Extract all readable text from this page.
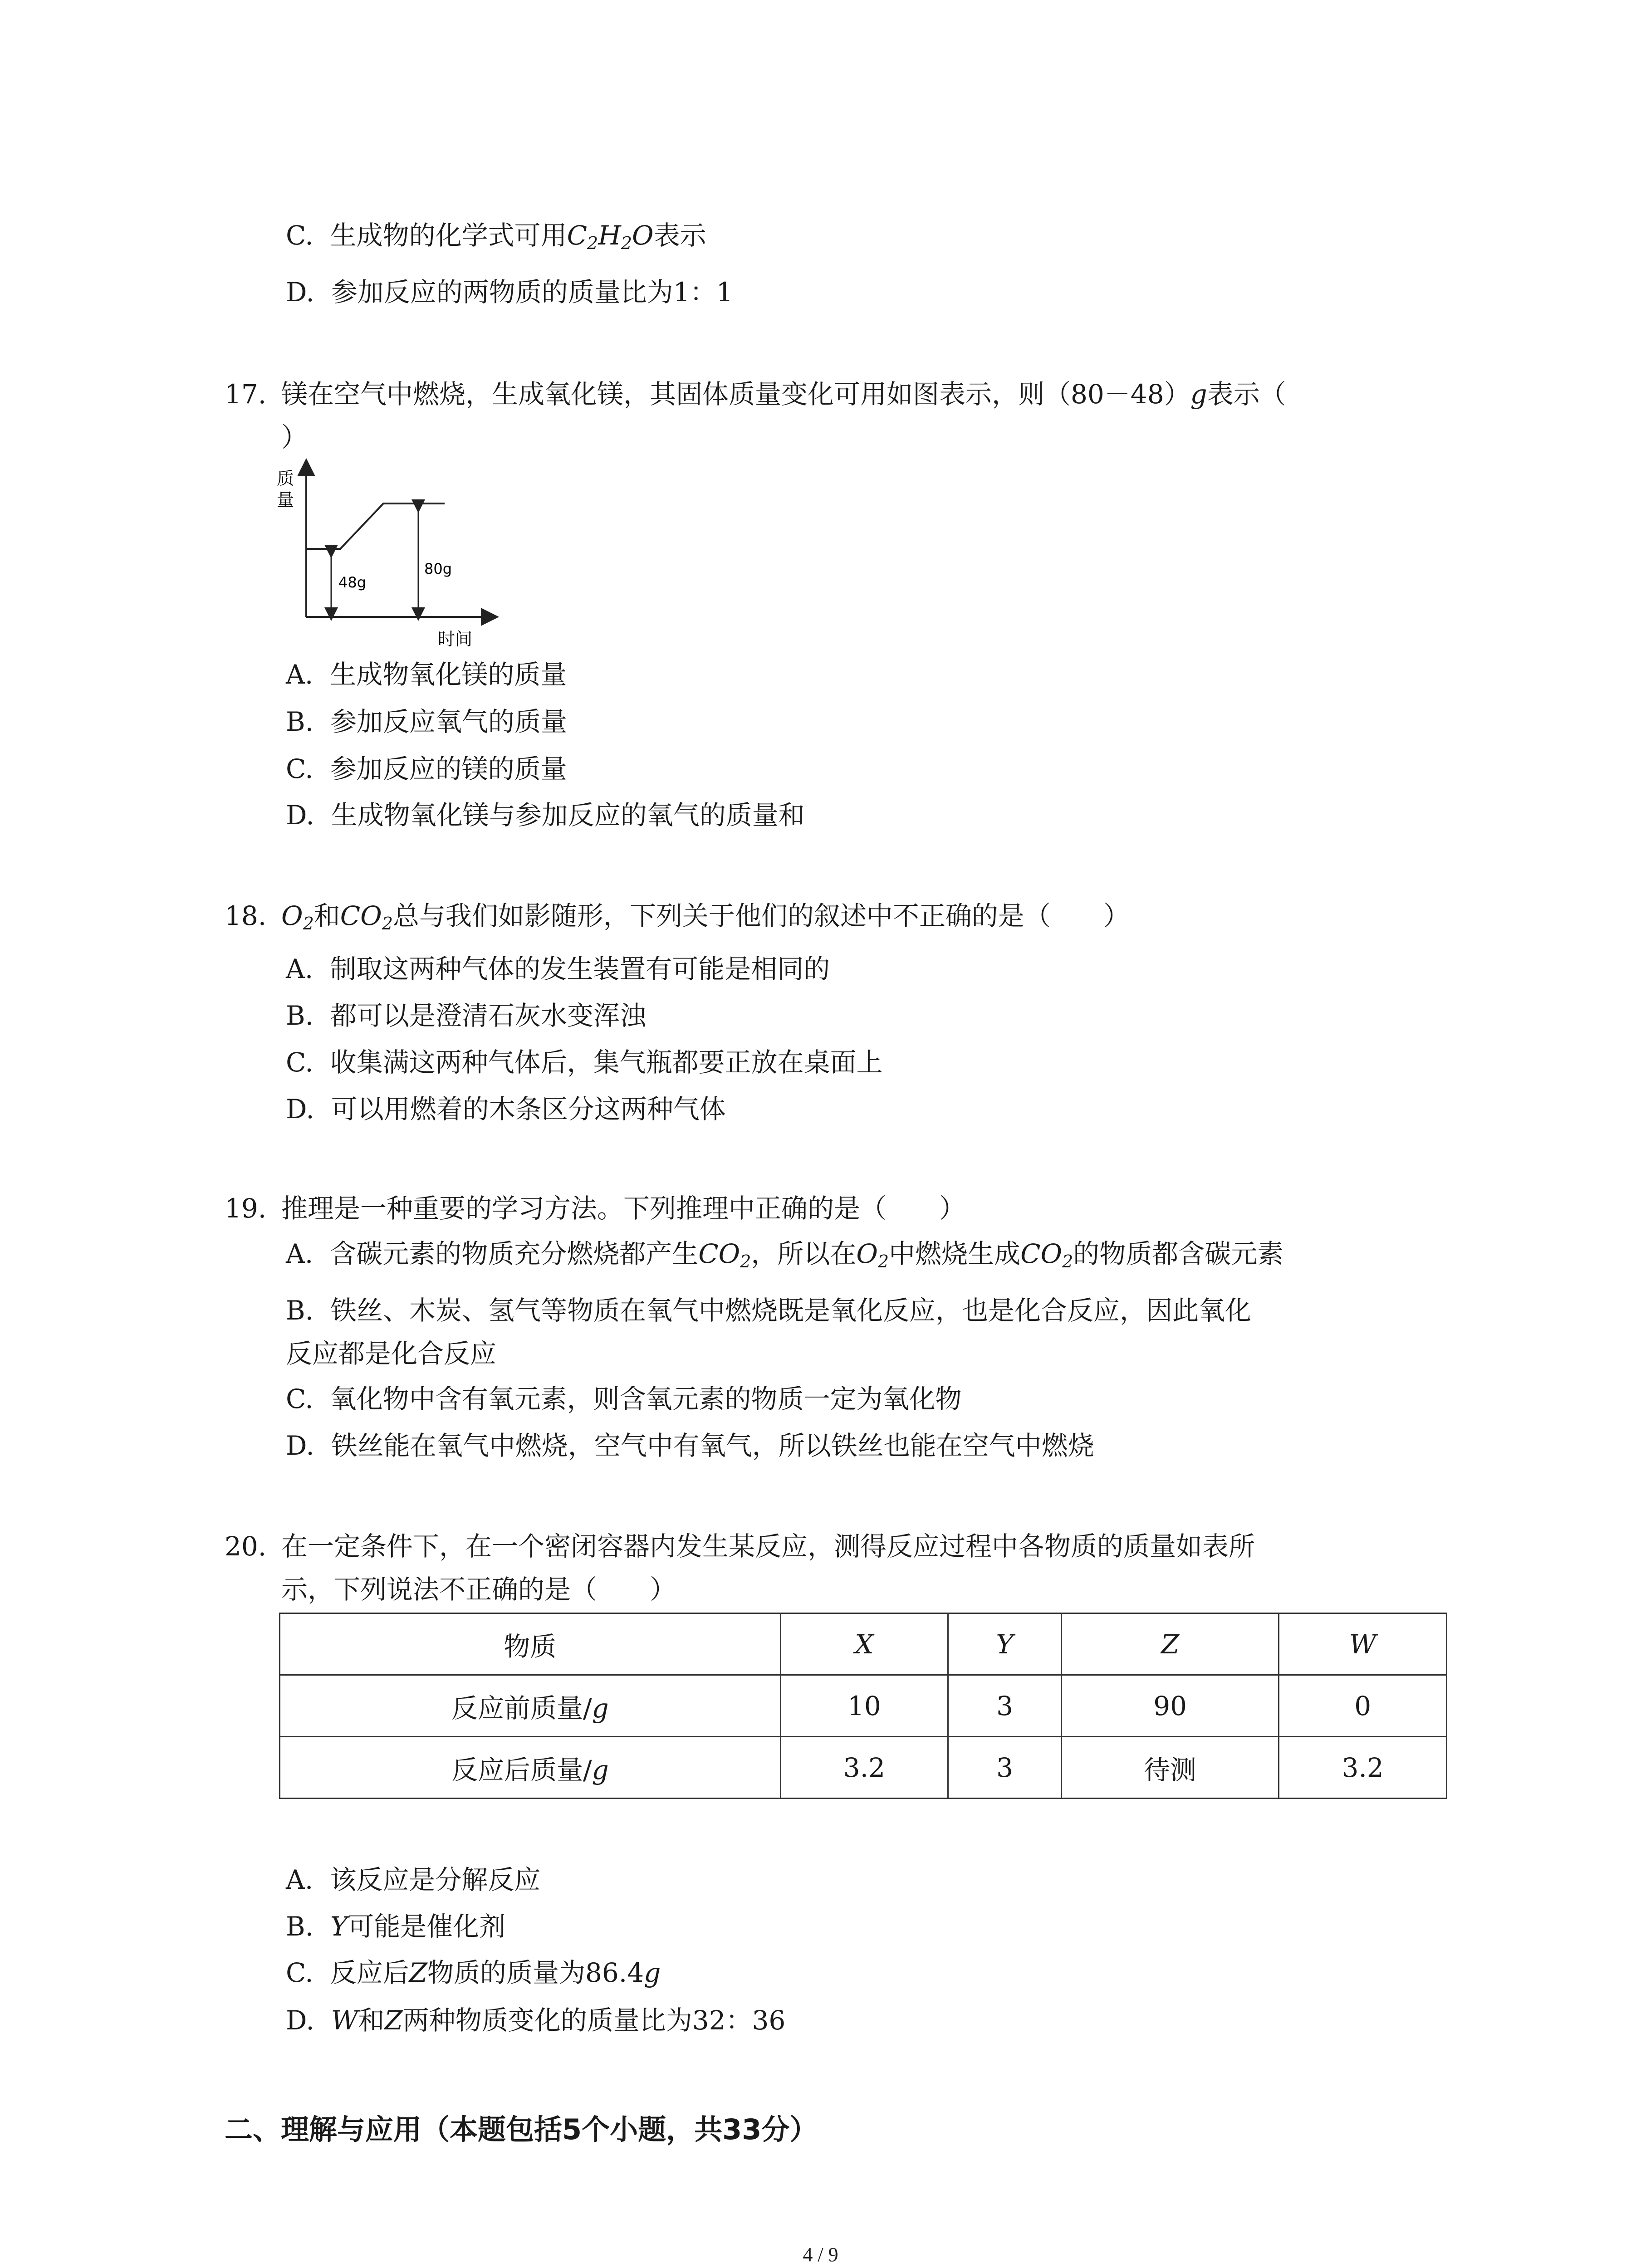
C. 生成物的化学式可用$C_2H_2O$表示
D. 参加反应的两物质的质量比为1：1
17. 镁在空气中燃烧，生成氧化镁，其固体质量变化可用如图表示，则（80－48）g表示（
）
质
量
48g
80g
时间
A. 生成物氧化镁的质量
B. 参加反应氧气的质量
C. 参加反应的镁的质量
D. 生成物氧化镁与参加反应的氧气的质量和
18. $O_2$和$CO_2$总与我们如影随形，下列关于他们的叙述中不正确的是（　　）
A. 制取这两种气体的发生装置有可能是相同的
B. 都可以是澄清石灰水变浑浊
C. 收集满这两种气体后，集气瓶都要正放在桌面上
D. 可以用燃着的木条区分这两种气体
19. 推理是一种重要的学习方法。下列推理中正确的是（　　）
A. 含碳元素的物质充分燃烧都产生$CO_2$，所以在$O_2$中燃烧生成$CO_2$的物质都含碳元素
B. 铁丝、木炭、氢气等物质在氧气中燃烧既是氧化反应，也是化合反应，因此氧化
反应都是化合反应
C. 氧化物中含有氧元素，则含氧元素的物质一定为氧化物
D. 铁丝能在氧气中燃烧，空气中有氧气，所以铁丝也能在空气中燃烧
20. 在一定条件下，在一个密闭容器内发生某反应，测得反应过程中各物质的质量如表所
示，下列说法不正确的是（　　）
物质	X	Y	Z	W
反应前质量/g	10	3	90	0
反应后质量/g	3.2	3	待测	3.2
A. 该反应是分解反应
B. Y可能是催化剂
C. 反应后Z物质的质量为86.4g
D. W和Z两种物质变化的质量比为32：36
二、理解与应用（本题包括5个小题，共33分）
4 / 9
